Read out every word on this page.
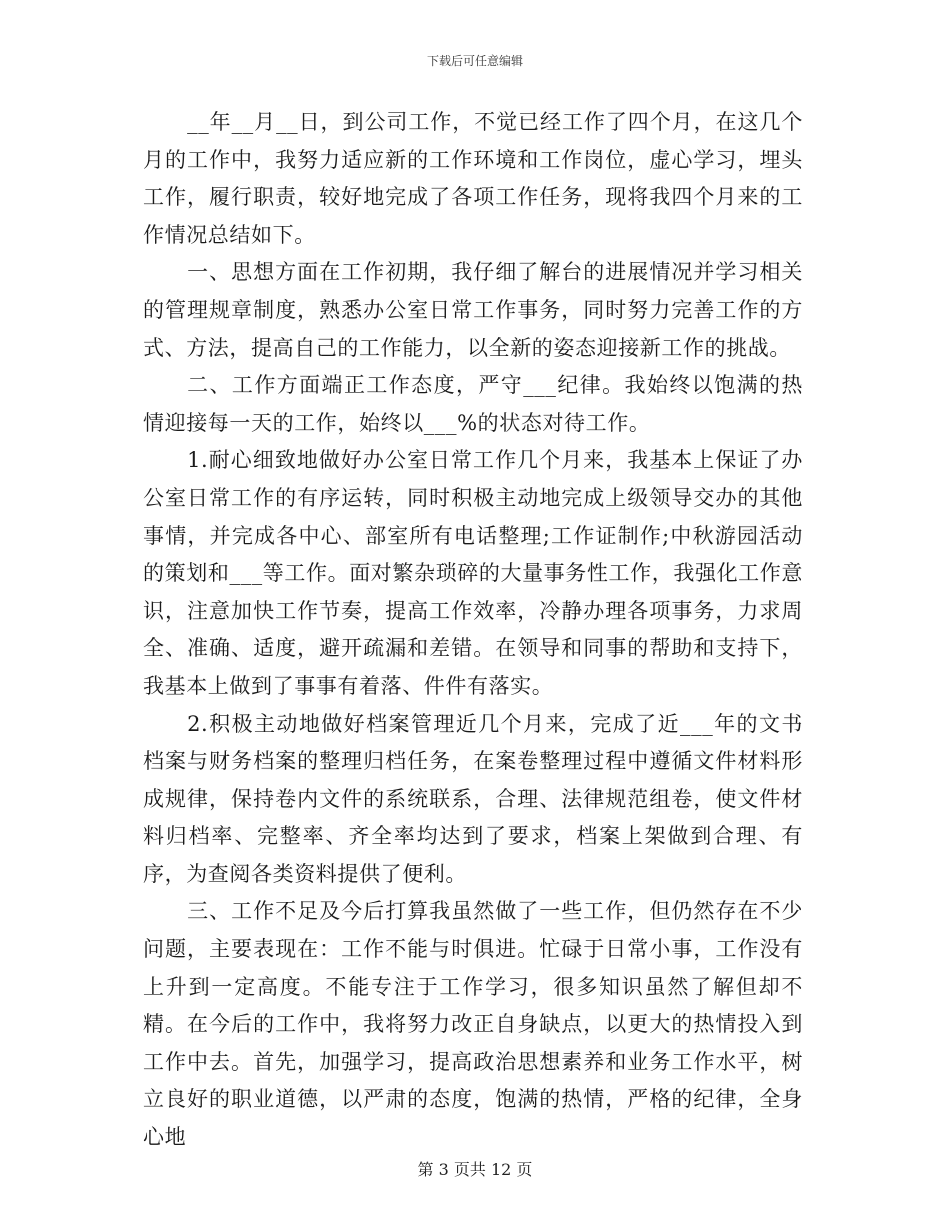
下载后可任意编辑

__年__月__日，到公司工作，不觉已经工作了四个月，在这几个月的工作中，我努力适应新的工作环境和工作岗位，虚心学习，埋头工作，履行职责，较好地完成了各项工作任务，现将我四个月来的工作情况总结如下。

一、思想方面在工作初期，我仔细了解台的进展情况并学习相关的管理规章制度，熟悉办公室日常工作事务，同时努力完善工作的方式、方法，提高自己的工作能力，以全新的姿态迎接新工作的挑战。

二、工作方面端正工作态度，严守___纪律。我始终以饱满的热情迎接每一天的工作，始终以___%的状态对待工作。

1.耐心细致地做好办公室日常工作几个月来，我基本上保证了办公室日常工作的有序运转，同时积极主动地完成上级领导交办的其他事情，并完成各中心、部室所有电话整理;工作证制作;中秋游园活动的策划和___等工作。面对繁杂琐碎的大量事务性工作，我强化工作意识，注意加快工作节奏，提高工作效率，冷静办理各项事务，力求周全、准确、适度，避开疏漏和差错。在领导和同事的帮助和支持下，我基本上做到了事事有着落、件件有落实。

2.积极主动地做好档案管理近几个月来，完成了近___年的文书档案与财务档案的整理归档任务，在案卷整理过程中遵循文件材料形成规律，保持卷内文件的系统联系，合理、法律规范组卷，使文件材料归档率、完整率、齐全率均达到了要求，档案上架做到合理、有序，为查阅各类资料提供了便利。

三、工作不足及今后打算我虽然做了一些工作，但仍然存在不少问题，主要表现在：工作不能与时俱进。忙碌于日常小事，工作没有上升到一定高度。不能专注于工作学习，很多知识虽然了解但却不精。在今后的工作中，我将努力改正自身缺点，以更大的热情投入到工作中去。首先，加强学习，提高政治思想素养和业务工作水平，树立良好的职业道德，以严肃的态度，饱满的热情，严格的纪律，全身心地

第 3 页共 12 页
